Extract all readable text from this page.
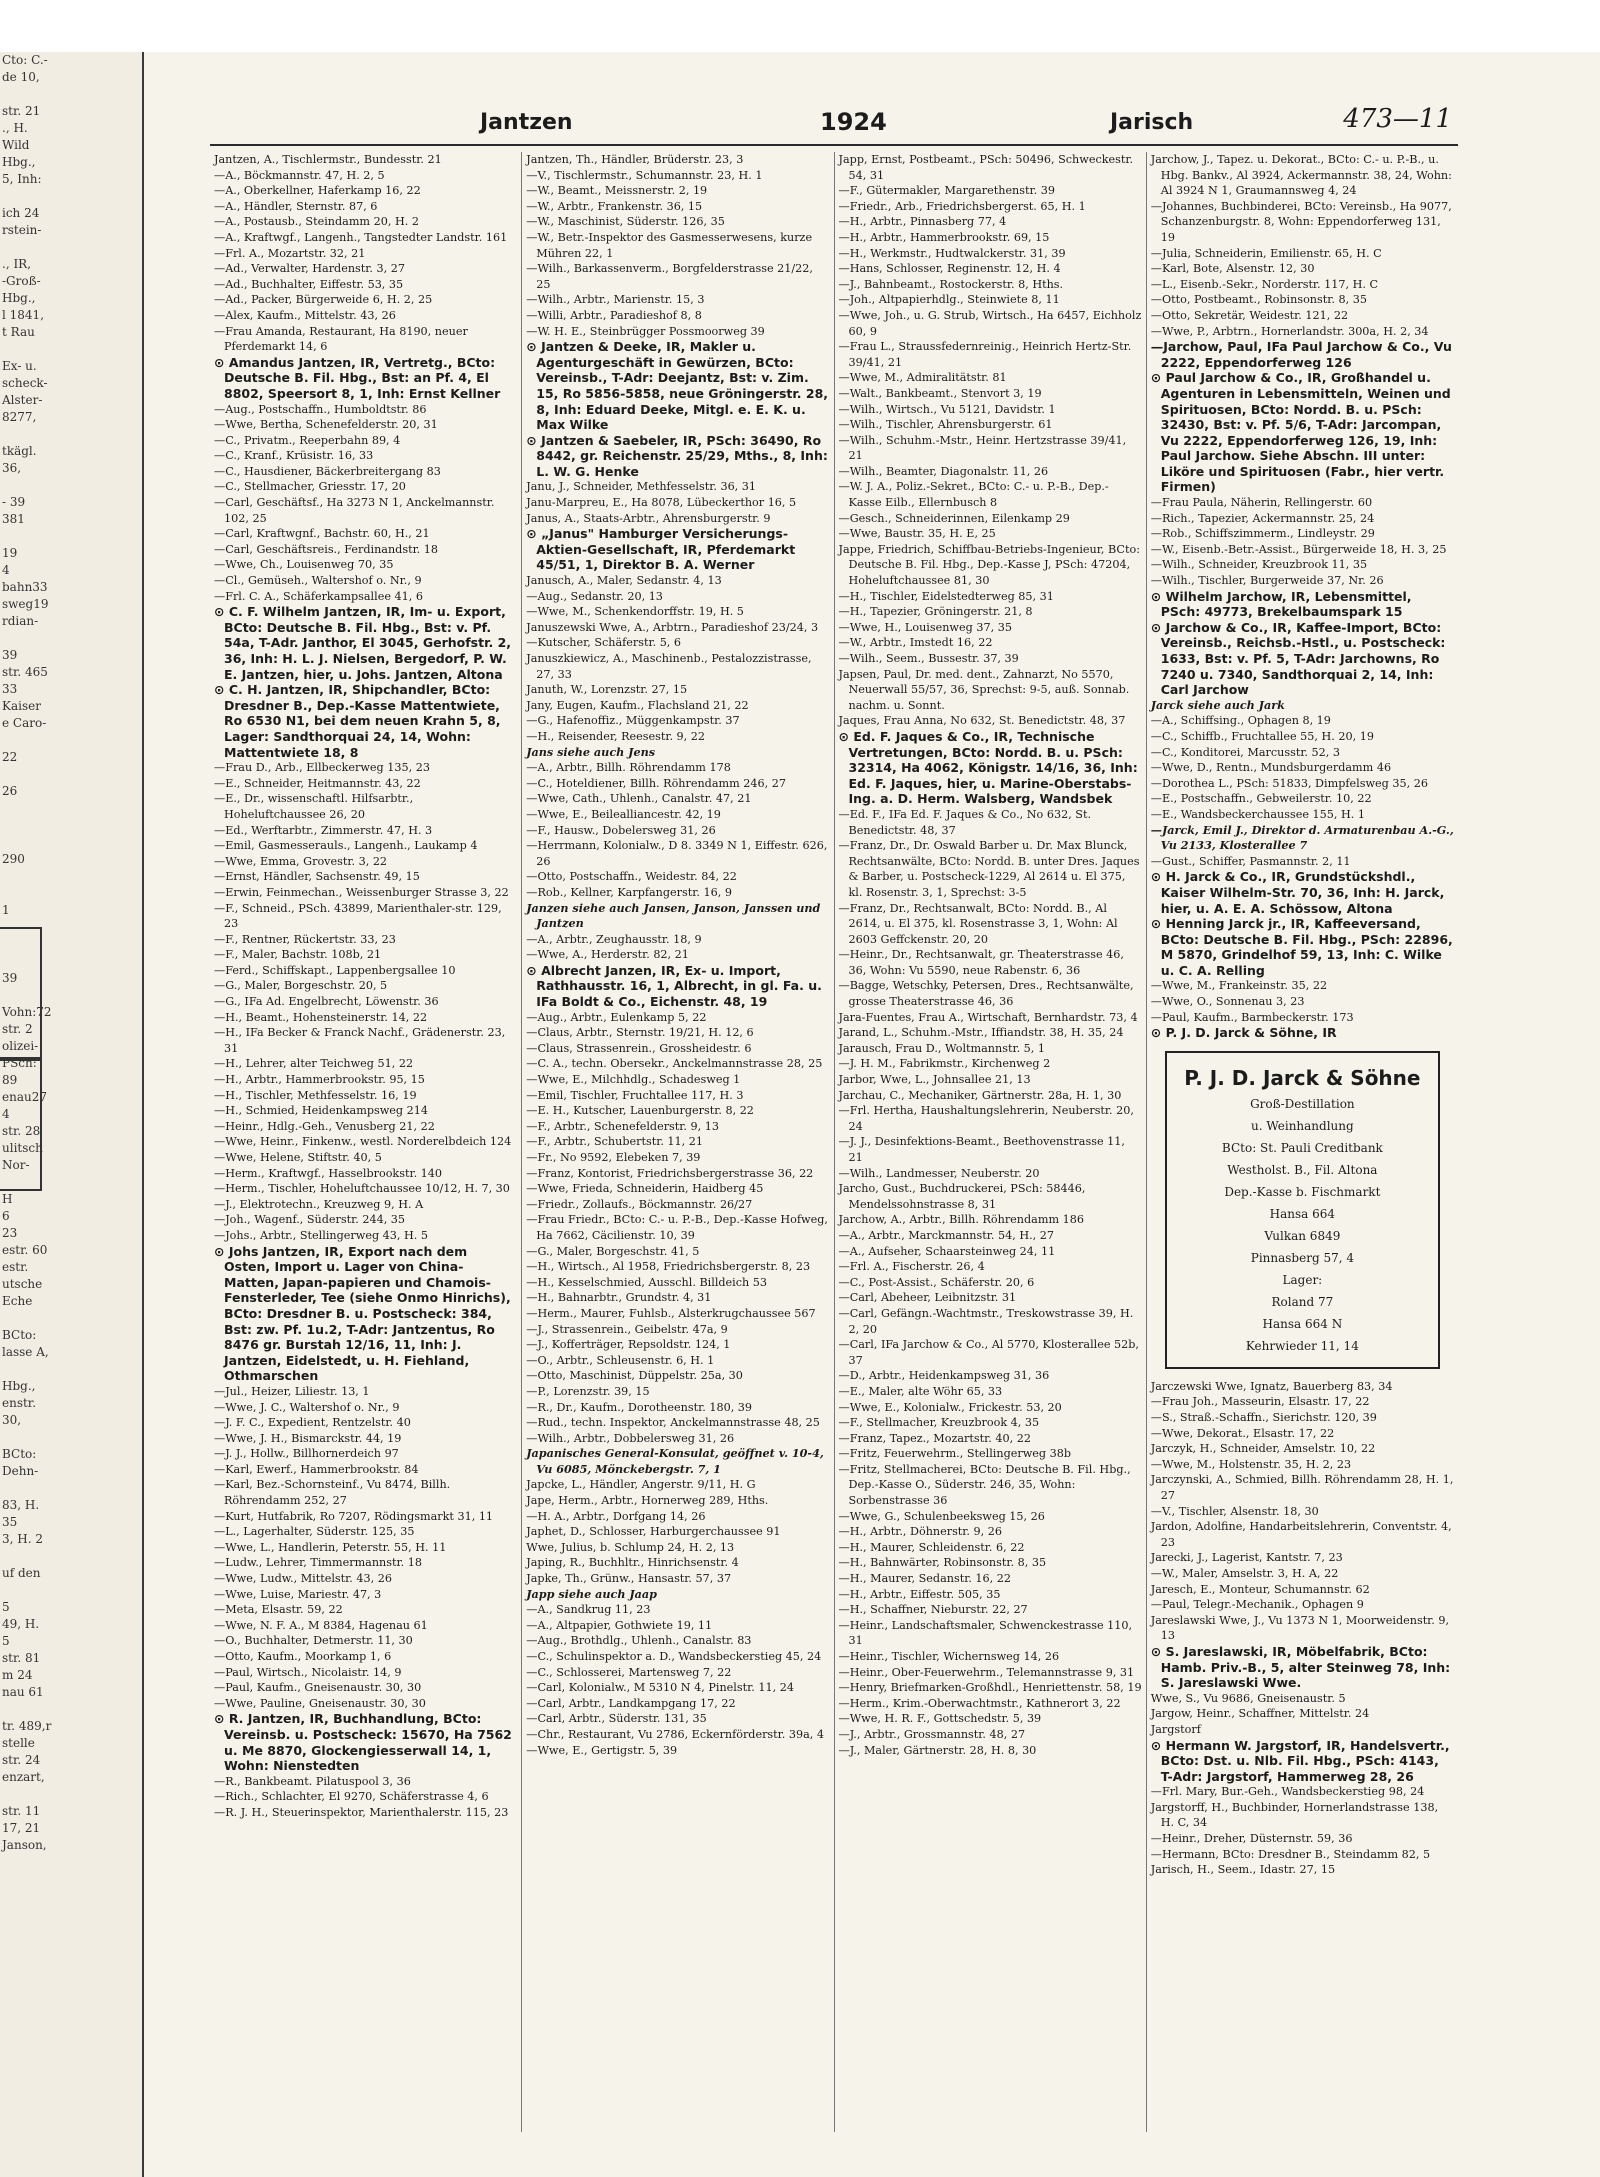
Cto: C.-
de 10,

str. 21
., H.
Wild
Hbg.,
5, Inh:

ich 24
rstein-

., IR,
-Groß-
Hbg.,
l 1841,
t Rau

Ex- u.
scheck-
Alster-
8277,

tkägl.
36,

- 39
381

19
4
bahn33
sweg19
rdian-

39
str. 465
33
Kaiser
e Caro-

22

26

290

1

39

Vohn:72
str. 2
olizei-
PSch:
89
enau27
4
str. 28
ulitsch
Nor-

H
6
23
estr. 60
estr.
utsche
Eche

BCto:
lasse A,

Hbg.,
enstr.
30,

BCto:
Dehn-

83, H.
35
3, H. 2

uf den

5
49, H.
5
str. 81
m 24
nau 61

tr. 489,r
stelle
str. 24
enzart,

str. 11
17, 21
Janson,
Jantzen	1924	Jarisch	473—11
Jantzen, A., Tischlermstr., Bundesstr. 21
— A., Böckmannstr. 47, H. 2, 5
— A., Oberkellner, Haferkamp 16, 22
— A., Händler, Sternstr. 87, 6
— A., Postausb., Steindamm 20, H. 2
— A., Kraftwgf., Langenh., Tangstedter Landstr. 161
— Frl. A., Mozartstr. 32, 21
— Ad., Verwalter, Hardenstr. 3, 27
— Ad., Buchhalter, Eiffestr. 53, 35
— Ad., Packer, Bürgerweide 6, H. 2, 25
— Alex, Kaufm., Mittelstr. 43, 26
— Frau Amanda, Restaurant, Ha 8190, neuer Pferdemarkt 14, 6
⊙ Amandus Jantzen, IR, Vertretg., BCto: Deutsche B. Fil. Hbg., Bst: an Pf. 4, El 8802, Speersort 8, 1, Inh: Ernst Kellner
— Aug., Postschaffn., Humboldtstr. 86
— Wwe, Bertha, Schenefelderstr. 20, 31
— C., Privatm., Reeperbahn 89, 4
— C., Kranf., Krüsistr. 16, 33
— C., Hausdiener, Bäckerbreitergang 83
— C., Stellmacher, Griesstr. 17, 20
— Carl, Geschäftsf., Ha 3273 N 1, Anckelmannstr. 102, 25
— Carl, Kraftwgnf., Bachstr. 60, H., 21
— Carl, Geschäftsreis., Ferdinandstr. 18
— Wwe, Ch., Louisenweg 70, 35
— Cl., Gemüseh., Waltershof o. Nr., 9
— Frl. C. A., Schäferkampsallee 41, 6
⊙ C. F. Wilhelm Jantzen, IR, Im- u. Export, BCto: Deutsche B. Fil. Hbg., Bst: v. Pf. 54a, T-Adr. Janthor, El 3045, Gerhofstr. 2, 36, Inh: H. L. J. Nielsen, Bergedorf, P. W. E. Jantzen, hier, u. Johs. Jantzen, Altona
⊙ C. H. Jantzen, IR, Shipchandler, BCto: Dresdner B., Dep.-Kasse Mattentwiete, Ro 6530 N1, bei dem neuen Krahn 5, 8, Lager: Sandthorquai 24, 14, Wohn: Mattentwiete 18, 8
— Frau D., Arb., Ellbeckerweg 135, 23
— E., Schneider, Heitmannstr. 43, 22
— E., Dr., wissenschaftl. Hilfsarbtr., Hoheluftchaussee 26, 20
— Ed., Werftarbtr., Zimmerstr. 47, H. 3
— Emil, Gasmesserauls., Langenh., Laukamp 4
— Wwe, Emma, Grovestr. 3, 22
— Ernst, Händler, Sachsenstr. 49, 15
— Erwin, Feinmechan., Weissenburger Strasse 3, 22
— F., Schneid., PSch. 43899, Marienthaler-str. 129, 23
— F., Rentner, Rückertstr. 33, 23
— F., Maler, Bachstr. 108b, 21
— Ferd., Schiffskapt., Lappenbergsallee 10
— G., Maler, Borgeschstr. 20, 5
— G., IFa Ad. Engelbrecht, Löwenstr. 36
— H., Beamt., Hohensteinerstr. 14, 22
— H., IFa Becker & Franck Nachf., Grädenerstr. 23, 31
— H., Lehrer, alter Teichweg 51, 22
— H., Arbtr., Hammerbrookstr. 95, 15
— H., Tischler, Methfesselstr. 16, 19
— H., Schmied, Heidenkampsweg 214
— Heinr., Hdlg.-Geh., Venusberg 21, 22
— Wwe, Heinr., Finkenw., westl. Norderelbdeich 124
— Wwe, Helene, Stiftstr. 40, 5
— Herm., Kraftwgf., Hasselbrookstr. 140
— Herm., Tischler, Hoheluftchaussee 10/12, H. 7, 30
— J., Elektrotechn., Kreuzweg 9, H. A
— Joh., Wagenf., Süderstr. 244, 35
— Johs., Arbtr., Stellingerweg 43, H. 5
⊙ Johs Jantzen, IR, Export nach dem Osten, Import u. Lager von China-Matten, Japan-papieren und Chamois-Fensterleder, Tee (siehe Onmo Hinrichs), BCto: Dresdner B. u. Postscheck: 384, Bst: zw. Pf. 1u.2, T-Adr: Jantzentus, Ro 8476 gr. Burstah 12/16, 11, Inh: J. Jantzen, Eidelstedt, u. H. Fiehland, Othmarschen
— Jul., Heizer, Liliestr. 13, 1
— Wwe, J. C., Waltershof o. Nr., 9
— J. F. C., Expedient, Rentzelstr. 40
— Wwe, J. H., Bismarckstr. 44, 19
— J. J., Hollw., Billhornerdeich 97
— Karl, Ewerf., Hammerbrookstr. 84
— Karl, Bez.-Schornsteinf., Vu 8474, Billh. Röhrendamm 252, 27
— Kurt, Hutfabrik, Ro 7207, Rödingsmarkt 31, 11
— L., Lagerhalter, Süderstr. 125, 35
— Wwe, L., Handlerin, Peterstr. 55, H. 11
— Ludw., Lehrer, Timmermannstr. 18
— Wwe, Ludw., Mittelstr. 43, 26
— Wwe, Luise, Mariestr. 47, 3
— Meta, Elsastr. 59, 22
— Wwe, N. F. A., M 8384, Hagenau 61
— O., Buchhalter, Detmerstr. 11, 30
— Otto, Kaufm., Moorkamp 1, 6
— Paul, Wirtsch., Nicolaistr. 14, 9
— Paul, Kaufm., Gneisenaustr. 30, 30
— Wwe, Pauline, Gneisenaustr. 30, 30
⊙ R. Jantzen, IR, Buchhandlung, BCto: Vereinsb. u. Postscheck: 15670, Ha 7562 u. Me 8870, Glockengiesserwall 14, 1, Wohn: Nienstedten
— R., Bankbeamt. Pilatuspool 3, 36
— Rich., Schlachter, El 9270, Schäferstrasse 4, 6
— R. J. H., Steuerinspektor, Marienthalerstr. 115, 23
Jantzen, Th., Händler, Brüderstr. 23, 3
— V., Tischlermstr., Schumannstr. 23, H. 1
— W., Beamt., Meissnerstr. 2, 19
— W., Arbtr., Frankenstr. 36, 15
— W., Maschinist, Süderstr. 126, 35
— W., Betr.-Inspektor des Gasmesserwesens, kurze Mühren 22, 1
— Wilh., Barkassenverm., Borgfelderstrasse 21/22, 25
— Wilh., Arbtr., Marienstr. 15, 3
— Willi, Arbtr., Paradieshof 8, 8
— W. H. E., Steinbrügger Possmoorweg 39
⊙ Jantzen & Deeke, IR, Makler u. Agenturgeschäft in Gewürzen, BCto: Vereinsb., T-Adr: Deejantz, Bst: v. Zim. 15, Ro 5856-5858, neue Gröningerstr. 28, 8, Inh: Eduard Deeke, Mitgl. e. E. K. u. Max Wilke
⊙ Jantzen & Saebeler, IR, PSch: 36490, Ro 8442, gr. Reichenstr. 25/29, Mths., 8, Inh: L. W. G. Henke
Janu, J., Schneider, Methfesselstr. 36, 31
Janu-Marpreu, E., Ha 8078, Lübeckerthor 16, 5
Janus, A., Staats-Arbtr., Ahrensburgerstr. 9
⊙ „Janus" Hamburger Versicherungs-Aktien-Gesellschaft, IR, Pferdemarkt 45/51, 1, Direktor B. A. Werner
Janusch, A., Maler, Sedanstr. 4, 13
— Aug., Sedanstr. 20, 13
— Wwe, M., Schenkendorffstr. 19, H. 5
Januszewski Wwe, A., Arbtrn., Paradieshof 23/24, 3
— Kutscher, Schäferstr. 5, 6
Januszkiewicz, A., Maschinenb., Pestalozzistrasse, 27, 33
Januth, W., Lorenzstr. 27, 15
Jany, Eugen, Kaufm., Flachsland 21, 22
— G., Hafenoffiz., Müggenkampstr. 37
— H., Reisender, Reesestr. 9, 22
Jans siehe auch Jens
— A., Arbtr., Billh. Röhrendamm 178
— C., Hoteldiener, Billh. Röhrendamm 246, 27
— Wwe, Cath., Uhlenh., Canalstr. 47, 21
— Wwe, E., Beilealliancestr. 42, 19
— F., Hausw., Dobelersweg 31, 26
— Herrmann, Kolonialw., D 8. 3349 N 1, Eiffestr. 626, 26
— Otto, Postschaffn., Weidestr. 84, 22
— Rob., Kellner, Karpfangerstr. 16, 9
Janzen siehe auch Jansen, Janson, Janssen und Jantzen
— A., Arbtr., Zeughausstr. 18, 9
— Wwe, A., Herderstr. 82, 21
⊙ Albrecht Janzen, IR, Ex- u. Import, Rathhausstr. 16, 1, Albrecht, in gl. Fa. u. IFa Boldt & Co., Eichenstr. 48, 19
— Aug., Arbtr., Eulenkamp 5, 22
— Claus, Arbtr., Sternstr. 19/21, H. 12, 6
— Claus, Strassenrein., Grossheidestr. 6
— C. A., techn. Obersekr., Anckelmannstrasse 28, 25
— Wwe, E., Milchhdlg., Schadesweg 1
— Emil, Tischler, Fruchtallee 117, H. 3
— E. H., Kutscher, Lauenburgerstr. 8, 22
— F., Arbtr., Schenefelderstr. 9, 13
— F., Arbtr., Schubertstr. 11, 21
— Fr., No 9592, Elebeken 7, 39
— Franz, Kontorist, Friedrichsbergerstrasse 36, 22
— Wwe, Frieda, Schneiderin, Haidberg 45
— Friedr., Zollaufs., Böckmannstr. 26/27
— Frau Friedr., BCto: C.- u. P.-B., Dep.-Kasse Hofweg, Ha 7662, Cäcilienstr. 10, 39
— G., Maler, Borgeschstr. 41, 5
— H., Wirtsch., Al 1958, Friedrichsbergerstr. 8, 23
— H., Kesselschmied, Ausschl. Billdeich 53
— H., Bahnarbtr., Grundstr. 4, 31
— Herm., Maurer, Fuhlsb., Alsterkrugchaussee 567
— J., Strassenrein., Geibelstr. 47a, 9
— J., Kofferträger, Repsoldstr. 124, 1
— O., Arbtr., Schleusenstr. 6, H. 1
— Otto, Maschinist, Düppelstr. 25a, 30
— P., Lorenzstr. 39, 15
— R., Dr., Kaufm., Dorotheenstr. 180, 39
— Rud., techn. Inspektor, Anckelmannstrasse 48, 25
— Wilh., Arbtr., Dobbelersweg 31, 26
Japanisches General-Konsulat, geöffnet v. 10-4, Vu 6085, Mönckebergstr. 7, 1
Japcke, L., Händler, Angerstr. 9/11, H. G
Jape, Herm., Arbtr., Hornerweg 289, Hths.
— H. A., Arbtr., Dorfgang 14, 26
Japhet, D., Schlosser, Harburgerchaussee 91
Wwe, Julius, b. Schlump 24, H. 2, 13
Japing, R., Buchhltr., Hinrichsenstr. 4
Japke, Th., Grünw., Hansastr. 57, 37
Japp siehe auch Jaap
— A., Sandkrug 11, 23
— A., Altpapier, Gothwiete 19, 11
— Aug., Brothdlg., Uhlenh., Canalstr. 83
— C., Schulinspektor a. D., Wandsbeckerstieg 45, 24
— C., Schlosserei, Martensweg 7, 22
— Carl, Kolonialw., M 5310 N 4, Pinelstr. 11, 24
— Carl, Arbtr., Landkampgang 17, 22
— Carl, Arbtr., Süderstr. 131, 35
— Chr., Restaurant, Vu 2786, Eckernförderstr. 39a, 4
— Wwe, E., Gertigstr. 5, 39
Japp, Ernst, Postbeamt., PSch: 50496, Schweckestr. 54, 31
— F., Gütermakler, Margarethenstr. 39
— Friedr., Arb., Friedrichsbergerst. 65, H. 1
— H., Arbtr., Pinnasberg 77, 4
— H., Arbtr., Hammerbrookstr. 69, 15
— H., Werkmstr., Hudtwalckerstr. 31, 39
— Hans, Schlosser, Reginenstr. 12, H. 4
— J., Bahnbeamt., Rostockerstr. 8, Hths.
— Joh., Altpapierhdlg., Steinwiete 8, 11
— Wwe, Joh., u. G. Strub, Wirtsch., Ha 6457, Eichholz 60, 9
— Frau L., Straussfedernreinig., Heinrich Hertz-Str. 39/41, 21
— Wwe, M., Admiralitätstr. 81
— Walt., Bankbeamt., Stenvort 3, 19
— Wilh., Wirtsch., Vu 5121, Davidstr. 1
— Wilh., Tischler, Ahrensburgerstr. 61
— Wilh., Schuhm.-Mstr., Heinr. Hertzstrasse 39/41, 21
— Wilh., Beamter, Diagonalstr. 11, 26
— W. J. A., Poliz.-Sekret., BCto: C.- u. P.-B., Dep.-Kasse Eilb., Ellernbusch 8
— Gesch., Schneiderinnen, Eilenkamp 29
— Wwe, Baustr. 35, H. E, 25
Jappe, Friedrich, Schiffbau-Betriebs-Ingenieur, BCto: Deutsche B. Fil. Hbg., Dep.-Kasse J, PSch: 47204, Hoheluftchaussee 81, 30
— H., Tischler, Eidelstedterweg 85, 31
— H., Tapezier, Gröningerstr. 21, 8
— Wwe, H., Louisenweg 37, 35
— W., Arbtr., Imstedt 16, 22
— Wilh., Seem., Bussestr. 37, 39
Japsen, Paul, Dr. med. dent., Zahnarzt, No 5570, Neuerwall 55/57, 36, Sprechst: 9-5, auß. Sonnab. nachm. u. Sonnt.
Jaques, Frau Anna, No 632, St. Benedictstr. 48, 37
⊙ Ed. F. Jaques & Co., IR, Technische Vertretungen, BCto: Nordd. B. u. PSch: 32314, Ha 4062, Königstr. 14/16, 36, Inh: Ed. F. Jaques, hier, u. Marine-Oberstabs-Ing. a. D. Herm. Walsberg, Wandsbek
— Ed. F., IFa Ed. F. Jaques & Co., No 632, St. Benedictstr. 48, 37
— Franz, Dr., Dr. Oswald Barber u. Dr. Max Blunck, Rechtsanwälte, BCto: Nordd. B. unter Dres. Jaques & Barber, u. Postscheck-1229, Al 2614 u. El 375, kl. Rosenstr. 3, 1, Sprechst: 3-5
— Franz, Dr., Rechtsanwalt, BCto: Nordd. B., Al 2614, u. El 375, kl. Rosenstrasse 3, 1, Wohn: Al 2603 Geffckenstr. 20, 20
— Heinr., Dr., Rechtsanwalt, gr. Theaterstrasse 46, 36, Wohn: Vu 5590, neue Rabenstr. 6, 36
— Bagge, Wetschky, Petersen, Dres., Rechtsanwälte, grosse Theaterstrasse 46, 36
Jara-Fuentes, Frau A., Wirtschaft, Bernhardstr. 73, 4
Jarand, L., Schuhm.-Mstr., Iffiandstr. 38, H. 35, 24
Jarausch, Frau D., Woltmannstr. 5, 1
— J. H. M., Fabrikmstr., Kirchenweg 2
Jarbor, Wwe, L., Johnsallee 21, 13
Jarchau, C., Mechaniker, Gärtnerstr. 28a, H. 1, 30
— Frl. Hertha, Haushaltungslehrerin, Neuberstr. 20, 24
— J. J., Desinfektions-Beamt., Beethovenstrasse 11, 21
— Wilh., Landmesser, Neuberstr. 20
Jarcho, Gust., Buchdruckerei, PSch: 58446, Mendelssohnstrasse 8, 31
Jarchow, A., Arbtr., Billh. Röhrendamm 186
— A., Arbtr., Marckmannstr. 54, H., 27
— A., Aufseher, Schaarsteinweg 24, 11
— Frl. A., Fischerstr. 26, 4
— C., Post-Assist., Schäferstr. 20, 6
— Carl, Abeheer, Leibnitzstr. 31
— Carl, Gefängn.-Wachtmstr., Treskowstrasse 39, H. 2, 20
— Carl, IFa Jarchow & Co., Al 5770, Klosterallee 52b, 37
— D., Arbtr., Heidenkampsweg 31, 36
— E., Maler, alte Wöhr 65, 33
— Wwe, E., Kolonialw., Frickestr. 53, 20
— F., Stellmacher, Kreuzbrook 4, 35
— Franz, Tapez., Mozartstr. 40, 22
— Fritz, Feuerwehrm., Stellingerweg 38b
— Fritz, Stellmacherei, BCto: Deutsche B. Fil. Hbg., Dep.-Kasse O., Süderstr. 246, 35, Wohn: Sorbenstrasse 36
— Wwe, G., Schulenbeeksweg 15, 26
— H., Arbtr., Döhnerstr. 9, 26
— H., Maurer, Schleidenstr. 6, 22
— H., Bahnwärter, Robinsonstr. 8, 35
— H., Maurer, Sedanstr. 16, 22
— H., Arbtr., Eiffestr. 505, 35
— H., Schaffner, Nieburstr. 22, 27
— Heinr., Landschaftsmaler, Schwenckestrasse 110, 31
— Heinr., Tischler, Wichernsweg 14, 26
— Heinr., Ober-Feuerwehrm., Telemannstrasse 9, 31
— Henry, Briefmarken-Großhdl., Henriettenstr. 58, 19
— Herm., Krim.-Oberwachtmstr., Kathnerort 3, 22
— Wwe, H. R. F., Gottschedstr. 5, 39
— J., Arbtr., Grossmannstr. 48, 27
— J., Maler, Gärtnerstr. 28, H. 8, 30
Jarchow, J., Tapez. u. Dekorat., BCto: C.- u. P.-B., u. Hbg. Bankv., Al 3924, Ackermannstr. 38, 24, Wohn: Al 3924 N 1, Graumannsweg 4, 24
— Johannes, Buchbinderei, BCto: Vereinsb., Ha 9077, Schanzenburgstr. 8, Wohn: Eppendorferweg 131, 19
— Julia, Schneiderin, Emilienstr. 65, H. C
— Karl, Bote, Alsenstr. 12, 30
— L., Eisenb.-Sekr., Norderstr. 117, H. C
— Otto, Postbeamt., Robinsonstr. 8, 35
— Otto, Sekretär, Weidestr. 121, 22
— Wwe, P., Arbtrn., Hornerlandstr. 300a, H. 2, 34
— Jarchow, Paul, IFa Paul Jarchow & Co., Vu 2222, Eppendorferweg 126
⊙ Paul Jarchow & Co., IR, Großhandel u. Agenturen in Lebensmitteln, Weinen und Spirituosen, BCto: Nordd. B. u. PSch: 32430, Bst: v. Pf. 5/6, T-Adr: Jarcompan, Vu 2222, Eppendorferweg 126, 19, Inh: Paul Jarchow. Siehe Abschn. III unter: Liköre und Spirituosen (Fabr., hier vertr. Firmen)
— Frau Paula, Näherin, Rellingerstr. 60
— Rich., Tapezier, Ackermannstr. 25, 24
— Rob., Schiffszimmerm., Lindleystr. 29
— W., Eisenb.-Betr.-Assist., Bürgerweide 18, H. 3, 25
— Wilh., Schneider, Kreuzbrook 11, 35
— Wilh., Tischler, Burgerweide 37, Nr. 26
⊙ Wilhelm Jarchow, IR, Lebensmittel, PSch: 49773, Brekelbaumspark 15
⊙ Jarchow & Co., IR, Kaffee-Import, BCto: Vereinsb., Reichsb.-Hstl., u. Postscheck: 1633, Bst: v. Pf. 5, T-Adr: Jarchowns, Ro 7240 u. 7340, Sandthorquai 2, 14, Inh: Carl Jarchow
Jarck siehe auch Jark
— A., Schiffsing., Ophagen 8, 19
— C., Schiffb., Fruchtallee 55, H. 20, 19
— C., Konditorei, Marcusstr. 52, 3
— Wwe, D., Rentn., Mundsburgerdamm 46
— Dorothea L., PSch: 51833, Dimpfelsweg 35, 26
— E., Postschaffn., Gebweilerstr. 10, 22
— E., Wandsbeckerchaussee 155, H. 1
— Jarck, Emil J., Direktor d. Armaturenbau A.-G., Vu 2133, Klosterallee 7
— Gust., Schiffer, Pasmannstr. 2, 11
⊙ H. Jarck & Co., IR, Grundstückshdl., Kaiser Wilhelm-Str. 70, 36, Inh: H. Jarck, hier, u. A. E. A. Schössow, Altona
⊙ Henning Jarck jr., IR, Kaffeeversand, BCto: Deutsche B. Fil. Hbg., PSch: 22896, M 5870, Grindelhof 59, 13, Inh: C. Wilke u. C. A. Relling
— Wwe, M., Frankeinstr. 35, 22
— Wwe, O., Sonnenau 3, 23
— Paul, Kaufm., Barmbeckerstr. 173
⊙ P. J. D. Jarck & Söhne, IR
P. J. D. Jarck & Söhne
Groß-Destillation
u. Weinhandlung
BCto: St. Pauli Creditbank
Westholst. B., Fil. Altona
Dep.-Kasse b. Fischmarkt
Hansa 664
Vulkan 6849
Pinnasberg 57, 4
Lager:
Roland 77
Hansa 664 N
Kehrwieder 11, 14
Jarczewski Wwe, Ignatz, Bauerberg 83, 34
— Frau Joh., Masseurin, Elsastr. 17, 22
— S., Straß.-Schaffn., Sierichstr. 120, 39
— Wwe, Dekorat., Elsastr. 17, 22
Jarczyk, H., Schneider, Amselstr. 10, 22
— Wwe, M., Holstenstr. 35, H. 2, 23
Jarczynski, A., Schmied, Billh. Röhrendamm 28, H. 1, 27
— V., Tischler, Alsenstr. 18, 30
Jardon, Adolfine, Handarbeitslehrerin, Conventstr. 4, 23
Jarecki, J., Lagerist, Kantstr. 7, 23
— W., Maler, Amselstr. 3, H. A, 22
Jaresch, E., Monteur, Schumannstr. 62
— Paul, Telegr.-Mechanik., Ophagen 9
Jareslawski Wwe, J., Vu 1373 N 1, Moorweidenstr. 9, 13
⊙ S. Jareslawski, IR, Möbelfabrik, BCto: Hamb. Priv.-B., 5, alter Steinweg 78, Inh: S. Jareslawski Wwe.
Wwe, S., Vu 9686, Gneisenaustr. 5
Jargow, Heinr., Schaffner, Mittelstr. 24
Jargstorf
⊙ Hermann W. Jargstorf, IR, Handelsvertr., BCto: Dst. u. Nlb. Fil. Hbg., PSch: 4143, T-Adr: Jargstorf, Hammerweg 28, 26
— Frl. Mary, Bur.-Geh., Wandsbeckerstieg 98, 24
Jargstorff, H., Buchbinder, Hornerlandstrasse 138, H. C, 34
— Heinr., Dreher, Düsternstr. 59, 36
— Hermann, BCto: Dresdner B., Steindamm 82, 5
Jarisch, H., Seem., Idastr. 27, 15
